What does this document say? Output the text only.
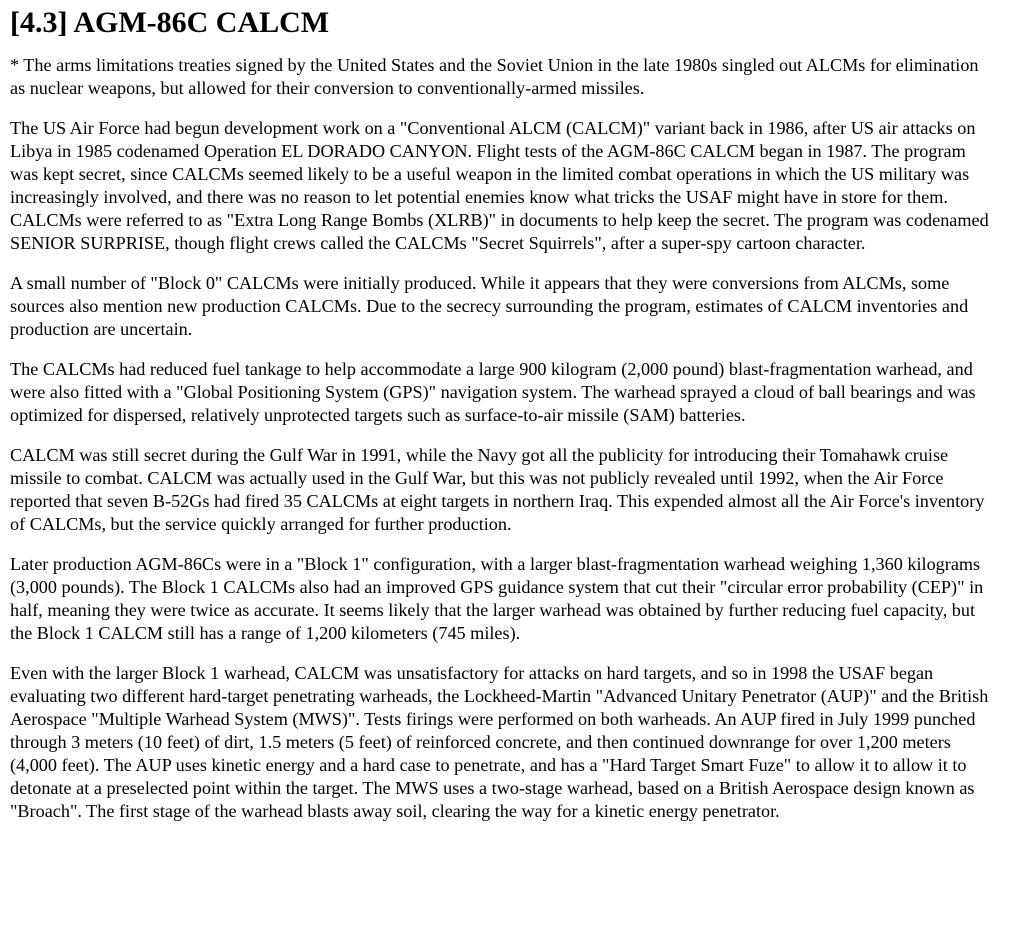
[4.3] AGM-86C CALCM

* The arms limitations treaties signed by the United States and the Soviet Union in the late 1980s singled out ALCMs for elimination as nuclear weapons, but allowed for their conversion to conventionally-armed missiles.

The US Air Force had begun development work on a "Conventional ALCM (CALCM)" variant back in 1986, after US air attacks on Libya in 1985 codenamed Operation EL DORADO CANYON. Flight tests of the AGM-86C CALCM began in 1987. The program was kept secret, since CALCMs seemed likely to be a useful weapon in the limited combat operations in which the US military was increasingly involved, and there was no reason to let potential enemies know what tricks the USAF might have in store for them. CALCMs were referred to as "Extra Long Range Bombs (XLRB)" in documents to help keep the secret. The program was codenamed SENIOR SURPRISE, though flight crews called the CALCMs "Secret Squirrels", after a super-spy cartoon character.

A small number of "Block 0" CALCMs were initially produced. While it appears that they were conversions from ALCMs, some sources also mention new production CALCMs. Due to the secrecy surrounding the program, estimates of CALCM inventories and production are uncertain.

The CALCMs had reduced fuel tankage to help accommodate a large 900 kilogram (2,000 pound) blast-fragmentation warhead, and were also fitted with a "Global Positioning System (GPS)" navigation system. The warhead sprayed a cloud of ball bearings and was optimized for dispersed, relatively unprotected targets such as surface-to-air missile (SAM) batteries.

CALCM was still secret during the Gulf War in 1991, while the Navy got all the publicity for introducing their Tomahawk cruise missile to combat. CALCM was actually used in the Gulf War, but this was not publicly revealed until 1992, when the Air Force reported that seven B-52Gs had fired 35 CALCMs at eight targets in northern Iraq. This expended almost all the Air Force's inventory of CALCMs, but the service quickly arranged for further production.

Later production AGM-86Cs were in a "Block 1" configuration, with a larger blast-fragmentation warhead weighing 1,360 kilograms (3,000 pounds). The Block 1 CALCMs also had an improved GPS guidance system that cut their "circular error probability (CEP)" in half, meaning they were twice as accurate. It seems likely that the larger warhead was obtained by further reducing fuel capacity, but the Block 1 CALCM still has a range of 1,200 kilometers (745 miles).

Even with the larger Block 1 warhead, CALCM was unsatisfactory for attacks on hard targets, and so in 1998 the USAF began evaluating two different hard-target penetrating warheads, the Lockheed-Martin "Advanced Unitary Penetrator (AUP)" and the British Aerospace "Multiple Warhead System (MWS)". Tests firings were performed on both warheads. An AUP fired in July 1999 punched through 3 meters (10 feet) of dirt, 1.5 meters (5 feet) of reinforced concrete, and then continued downrange for over 1,200 meters (4,000 feet). The AUP uses kinetic energy and a hard case to penetrate, and has a "Hard Target Smart Fuze" to allow it to allow it to detonate at a preselected point within the target. The MWS uses a two-stage warhead, based on a British Aerospace design known as "Broach". The first stage of the warhead blasts away soil, clearing the way for a kinetic energy penetrator.
